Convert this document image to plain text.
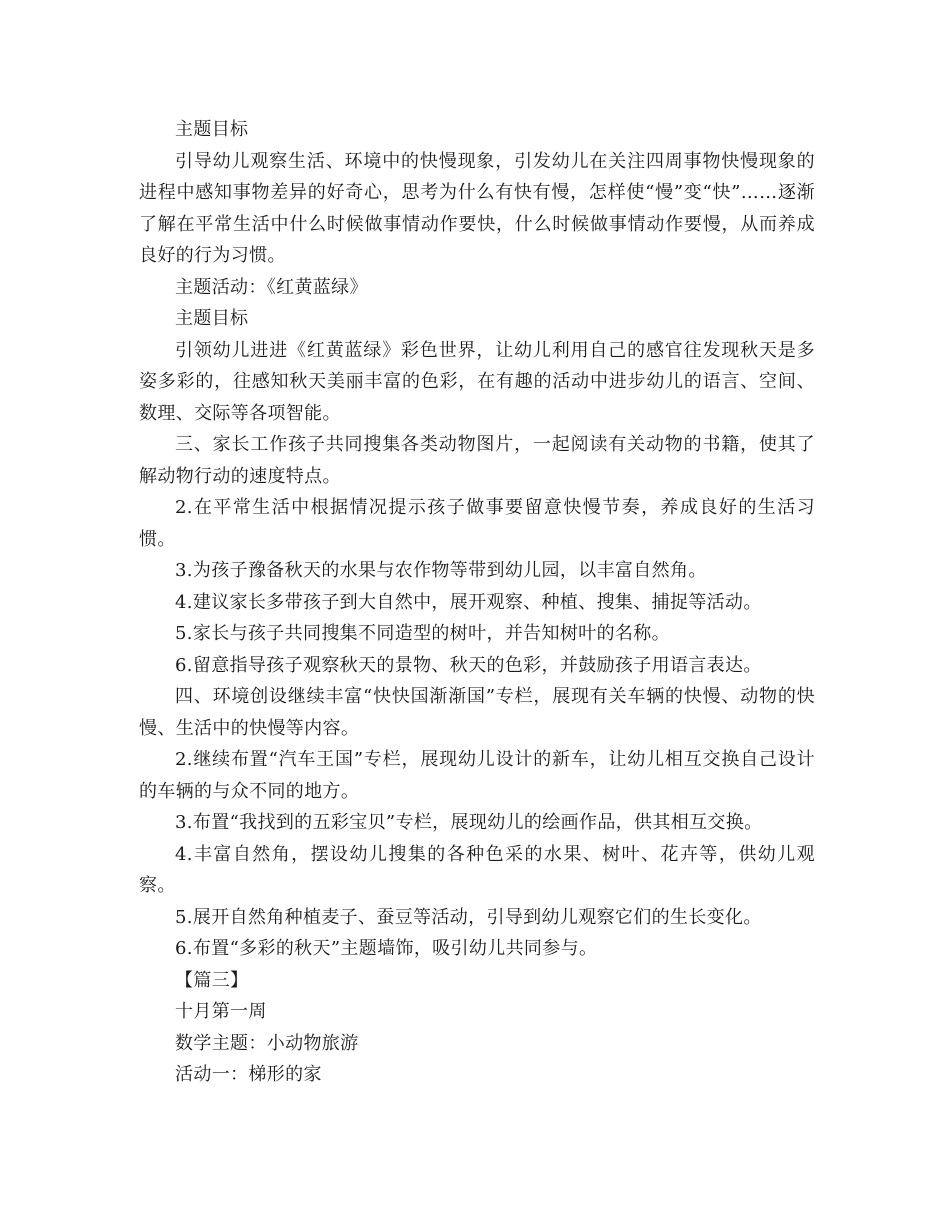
主题目标

引导幼儿观察生活、环境中的快慢现象，引发幼儿在关注四周事物快慢现象的进程中感知事物差异的好奇心，思考为什么有快有慢，怎样使“慢”变“快”……逐渐了解在平常生活中什么时候做事情动作要快，什么时候做事情动作要慢，从而养成良好的行为习惯。

主题活动：《红黄蓝绿》

主题目标

引领幼儿进进《红黄蓝绿》彩色世界，让幼儿利用自己的感官往发现秋天是多姿多彩的，往感知秋天美丽丰富的色彩，在有趣的活动中进步幼儿的语言、空间、数理、交际等各项智能。

三、家长工作孩子共同搜集各类动物图片，一起阅读有关动物的书籍，使其了解动物行动的速度特点。

2.在平常生活中根据情况提示孩子做事要留意快慢节奏，养成良好的生活习惯。

3.为孩子豫备秋天的水果与农作物等带到幼儿园，以丰富自然角。

4.建议家长多带孩子到大自然中，展开观察、种植、搜集、捕捉等活动。

5.家长与孩子共同搜集不同造型的树叶，并告知树叶的名称。

6.留意指导孩子观察秋天的景物、秋天的色彩，并鼓励孩子用语言表达。

四、环境创设继续丰富“快快国渐渐国”专栏，展现有关车辆的快慢、动物的快慢、生活中的快慢等内容。

2.继续布置“汽车王国”专栏，展现幼儿设计的新车，让幼儿相互交换自己设计的车辆的与众不同的地方。

3.布置“我找到的五彩宝贝”专栏，展现幼儿的绘画作品，供其相互交换。

4.丰富自然角，摆设幼儿搜集的各种色采的水果、树叶、花卉等，供幼儿观察。

5.展开自然角种植麦子、蚕豆等活动，引导到幼儿观察它们的生长变化。

6.布置“多彩的秋天”主题墙饰，吸引幼儿共同参与。

【篇三】

十月第一周

数学主题：小动物旅游

活动一：梯形的家
